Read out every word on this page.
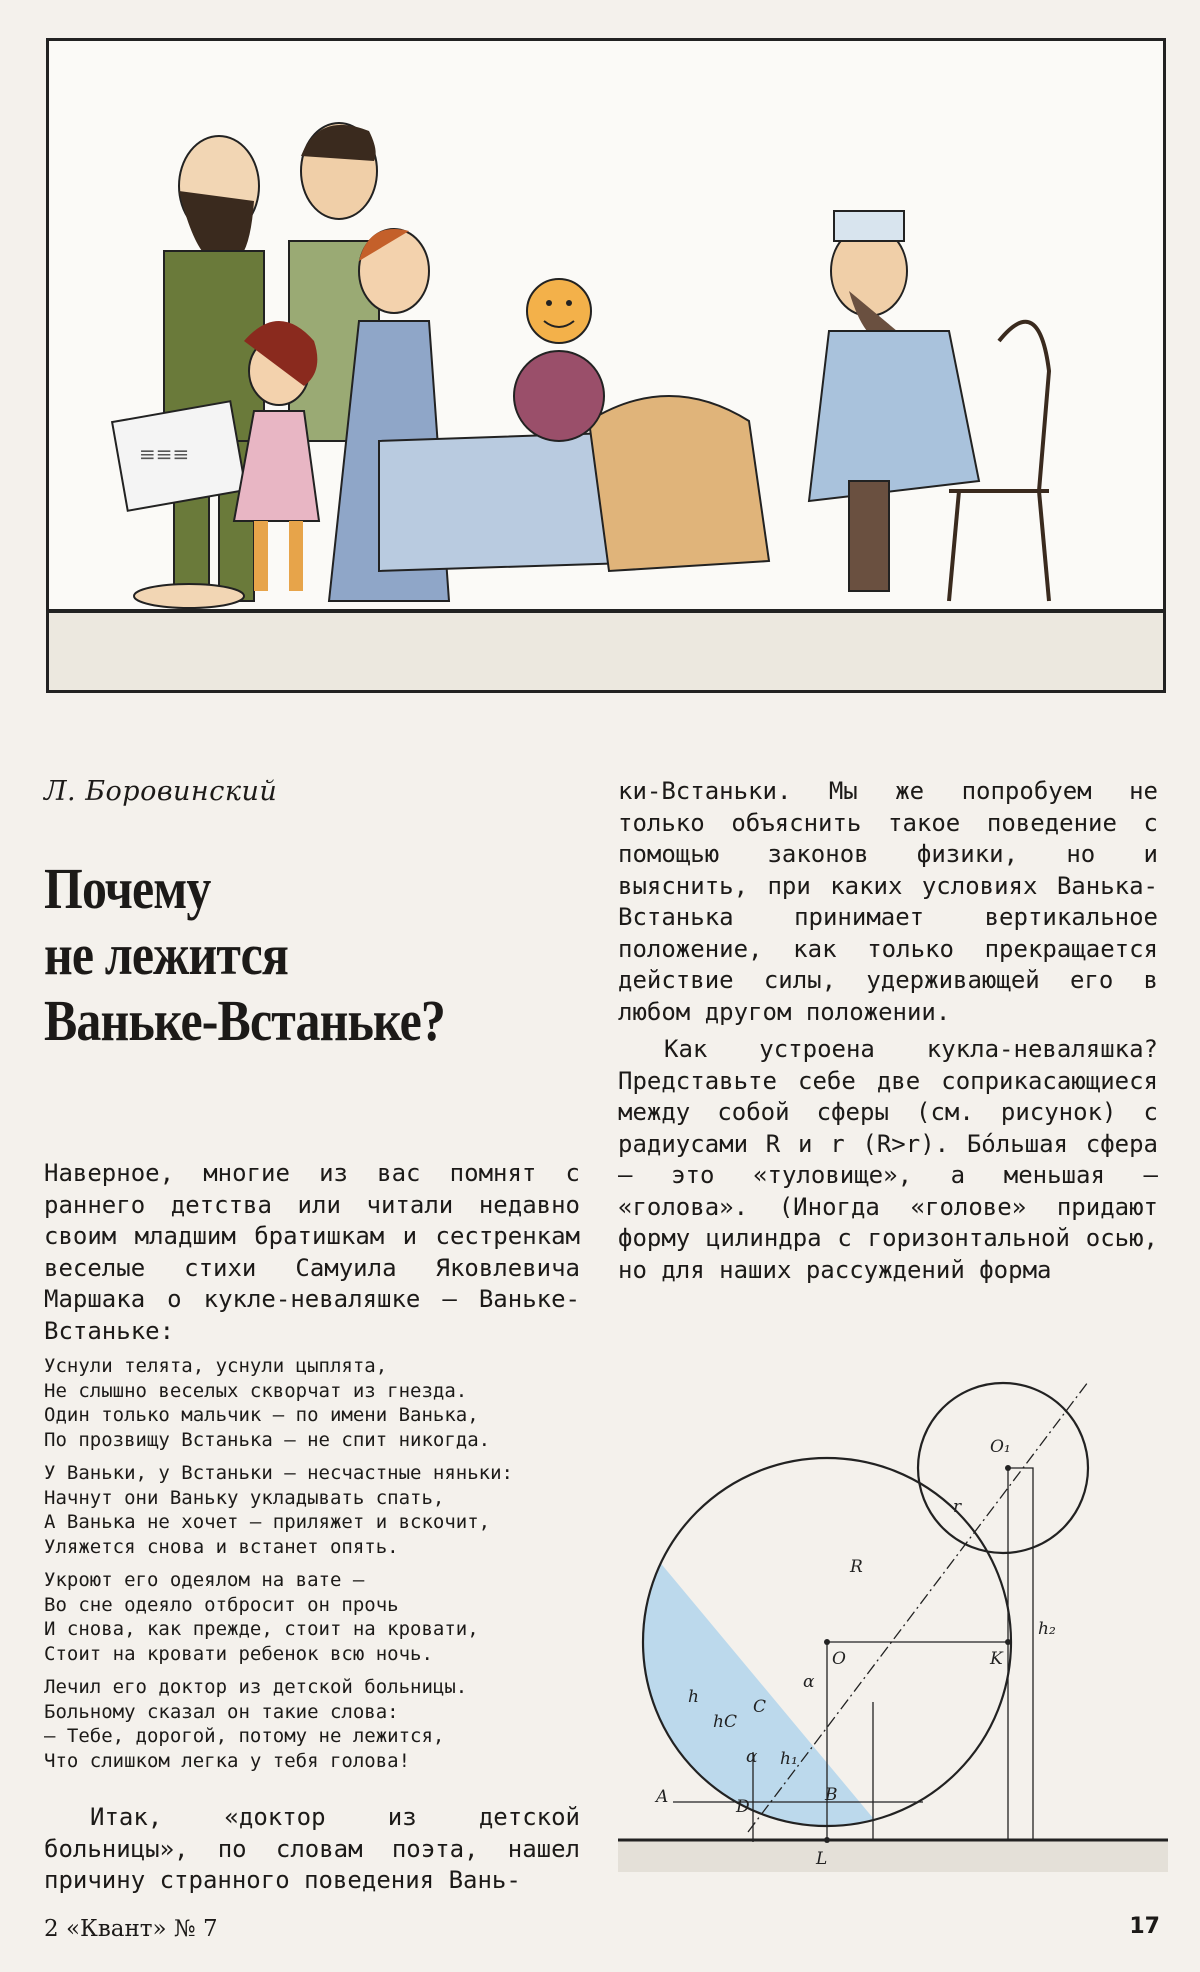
≡≡≡
Л. Боровинский
Почему
не лежится
Ваньке-Встаньке?

Наверное, многие из вас помнят с раннего детства или читали недавно своим младшим братишкам и сестренкам веселые стихи Самуила Яковлевича Маршака о кукле-неваляшке — Ваньке-Встаньке:

Уснули телята, уснули цыплята,
Не слышно веселых скворчат из гнезда.
Один только мальчик — по имени Ванька,
По прозвищу Встанька — не спит никогда.
У Ваньки, у Встаньки — несчастные няньки:
Начнут они Ваньку укладывать спать,
А Ванька не хочет — приляжет и вскочит,
Уляжется снова и встанет опять.
Укроют его одеялом на вате —
Во сне одеяло отбросит он прочь
И снова, как прежде, стоит на кровати,
Стоит на кровати ребенок всю ночь.
Лечил его доктор из детской больницы.
Больному сказал он такие слова:
— Тебе, дорогой, потому не лежится,
Что слишком легка у тебя голова!

Итак, «доктор из детской больницы», по словам поэта, нашел причину странного поведения Вань-

ки-Встаньки. Мы же попробуем не только объяснить такое поведение с помощью законов физики, но и выяснить, при каких условиях Ванька-Встанька принимает вертикальное положение, как только прекращается действие силы, удерживающей его в любом другом положении.

Как устроена кукла-неваляшка? Представьте себе две соприкасающиеся между собой сферы (см. рисунок) с радиусами R и r (R>r). Бóльшая сфера — это «туловище», а меньшая — «голова». (Иногда «голове» придают форму цилиндра с горизонтальной осью, но для наших рассуждений форма

O₁
r
R
O	K
h₂
h
hC
C
α
α h₁
A	D
B
L
2 «Квант» № 7	17
